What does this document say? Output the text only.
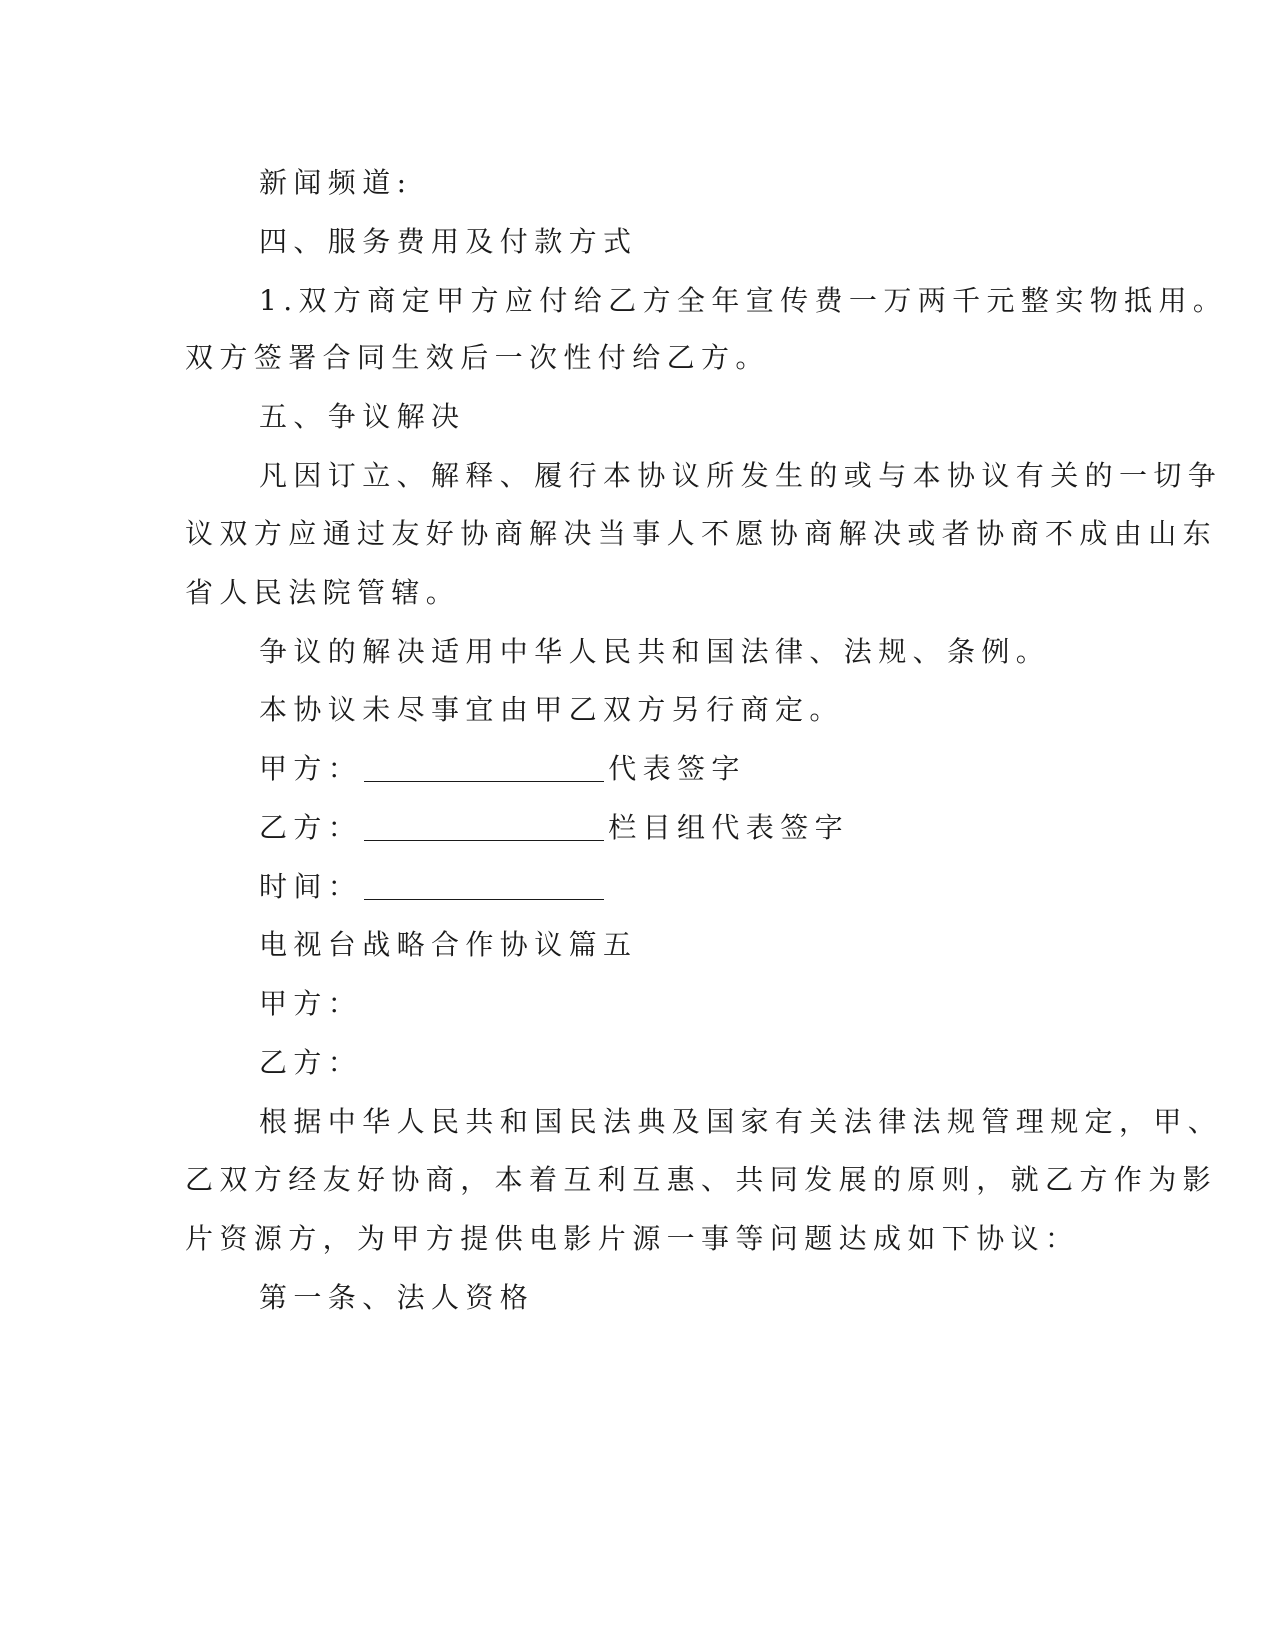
新闻频道:
四、服务费用及付款方式
1.双方商定甲方应付给乙方全年宣传费一万两千元整实物抵用。
双方签署合同生效后一次性付给乙方。
五、争议解决
凡因订立、解释、履行本协议所发生的或与本协议有关的一切争
议双方应通过友好协商解决当事人不愿协商解决或者协商不成由山东
省人民法院管辖。
争议的解决适用中华人民共和国法律、法规、条例。
本协议未尽事宜由甲乙双方另行商定。
甲方：	代表签字
乙方：	栏目组代表签字
时间：
电视台战略合作协议篇五
甲方：
乙方：
根据中华人民共和国民法典及国家有关法律法规管理规定，甲、
乙双方经友好协商，本着互利互惠、共同发展的原则，就乙方作为影
片资源方，为甲方提供电影片源一事等问题达成如下协议：
第一条、法人资格
